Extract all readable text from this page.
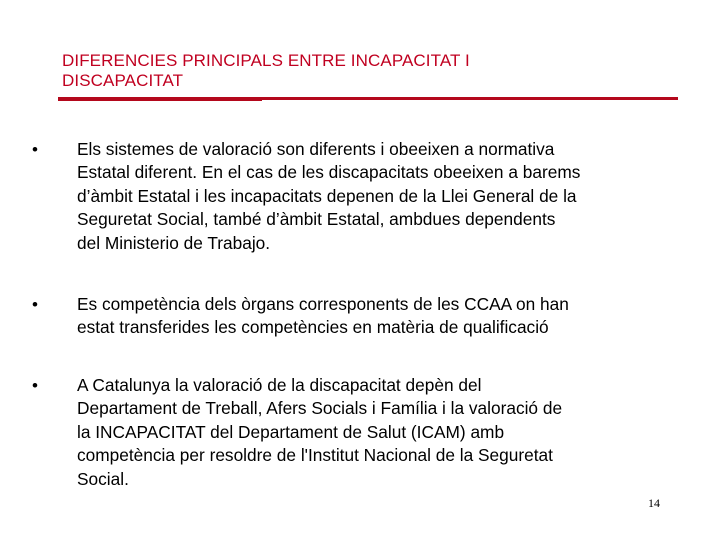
DIFERENCIES PRINCIPALS ENTRE INCAPACITAT I
DISCAPACITAT
•	Els sistemes de valoració son diferents i obeeixen a normativa
Estatal diferent. En el cas de les discapacitats obeeixen a barems
d’àmbit Estatal i les incapacitats depenen de la Llei General de la
Seguretat Social, també d’àmbit Estatal, ambdues dependents
del Ministerio de Trabajo.

•	Es competència dels òrgans corresponents de les CCAA on han
estat transferides les competències en matèria de qualificació

•	A Catalunya la valoració de la discapacitat depèn del
Departament de Treball, Afers Socials i Família i la valoració de
la INCAPACITAT del Departament de Salut (ICAM) amb
competència per resoldre de l'Institut Nacional de la Seguretat
Social.

14
